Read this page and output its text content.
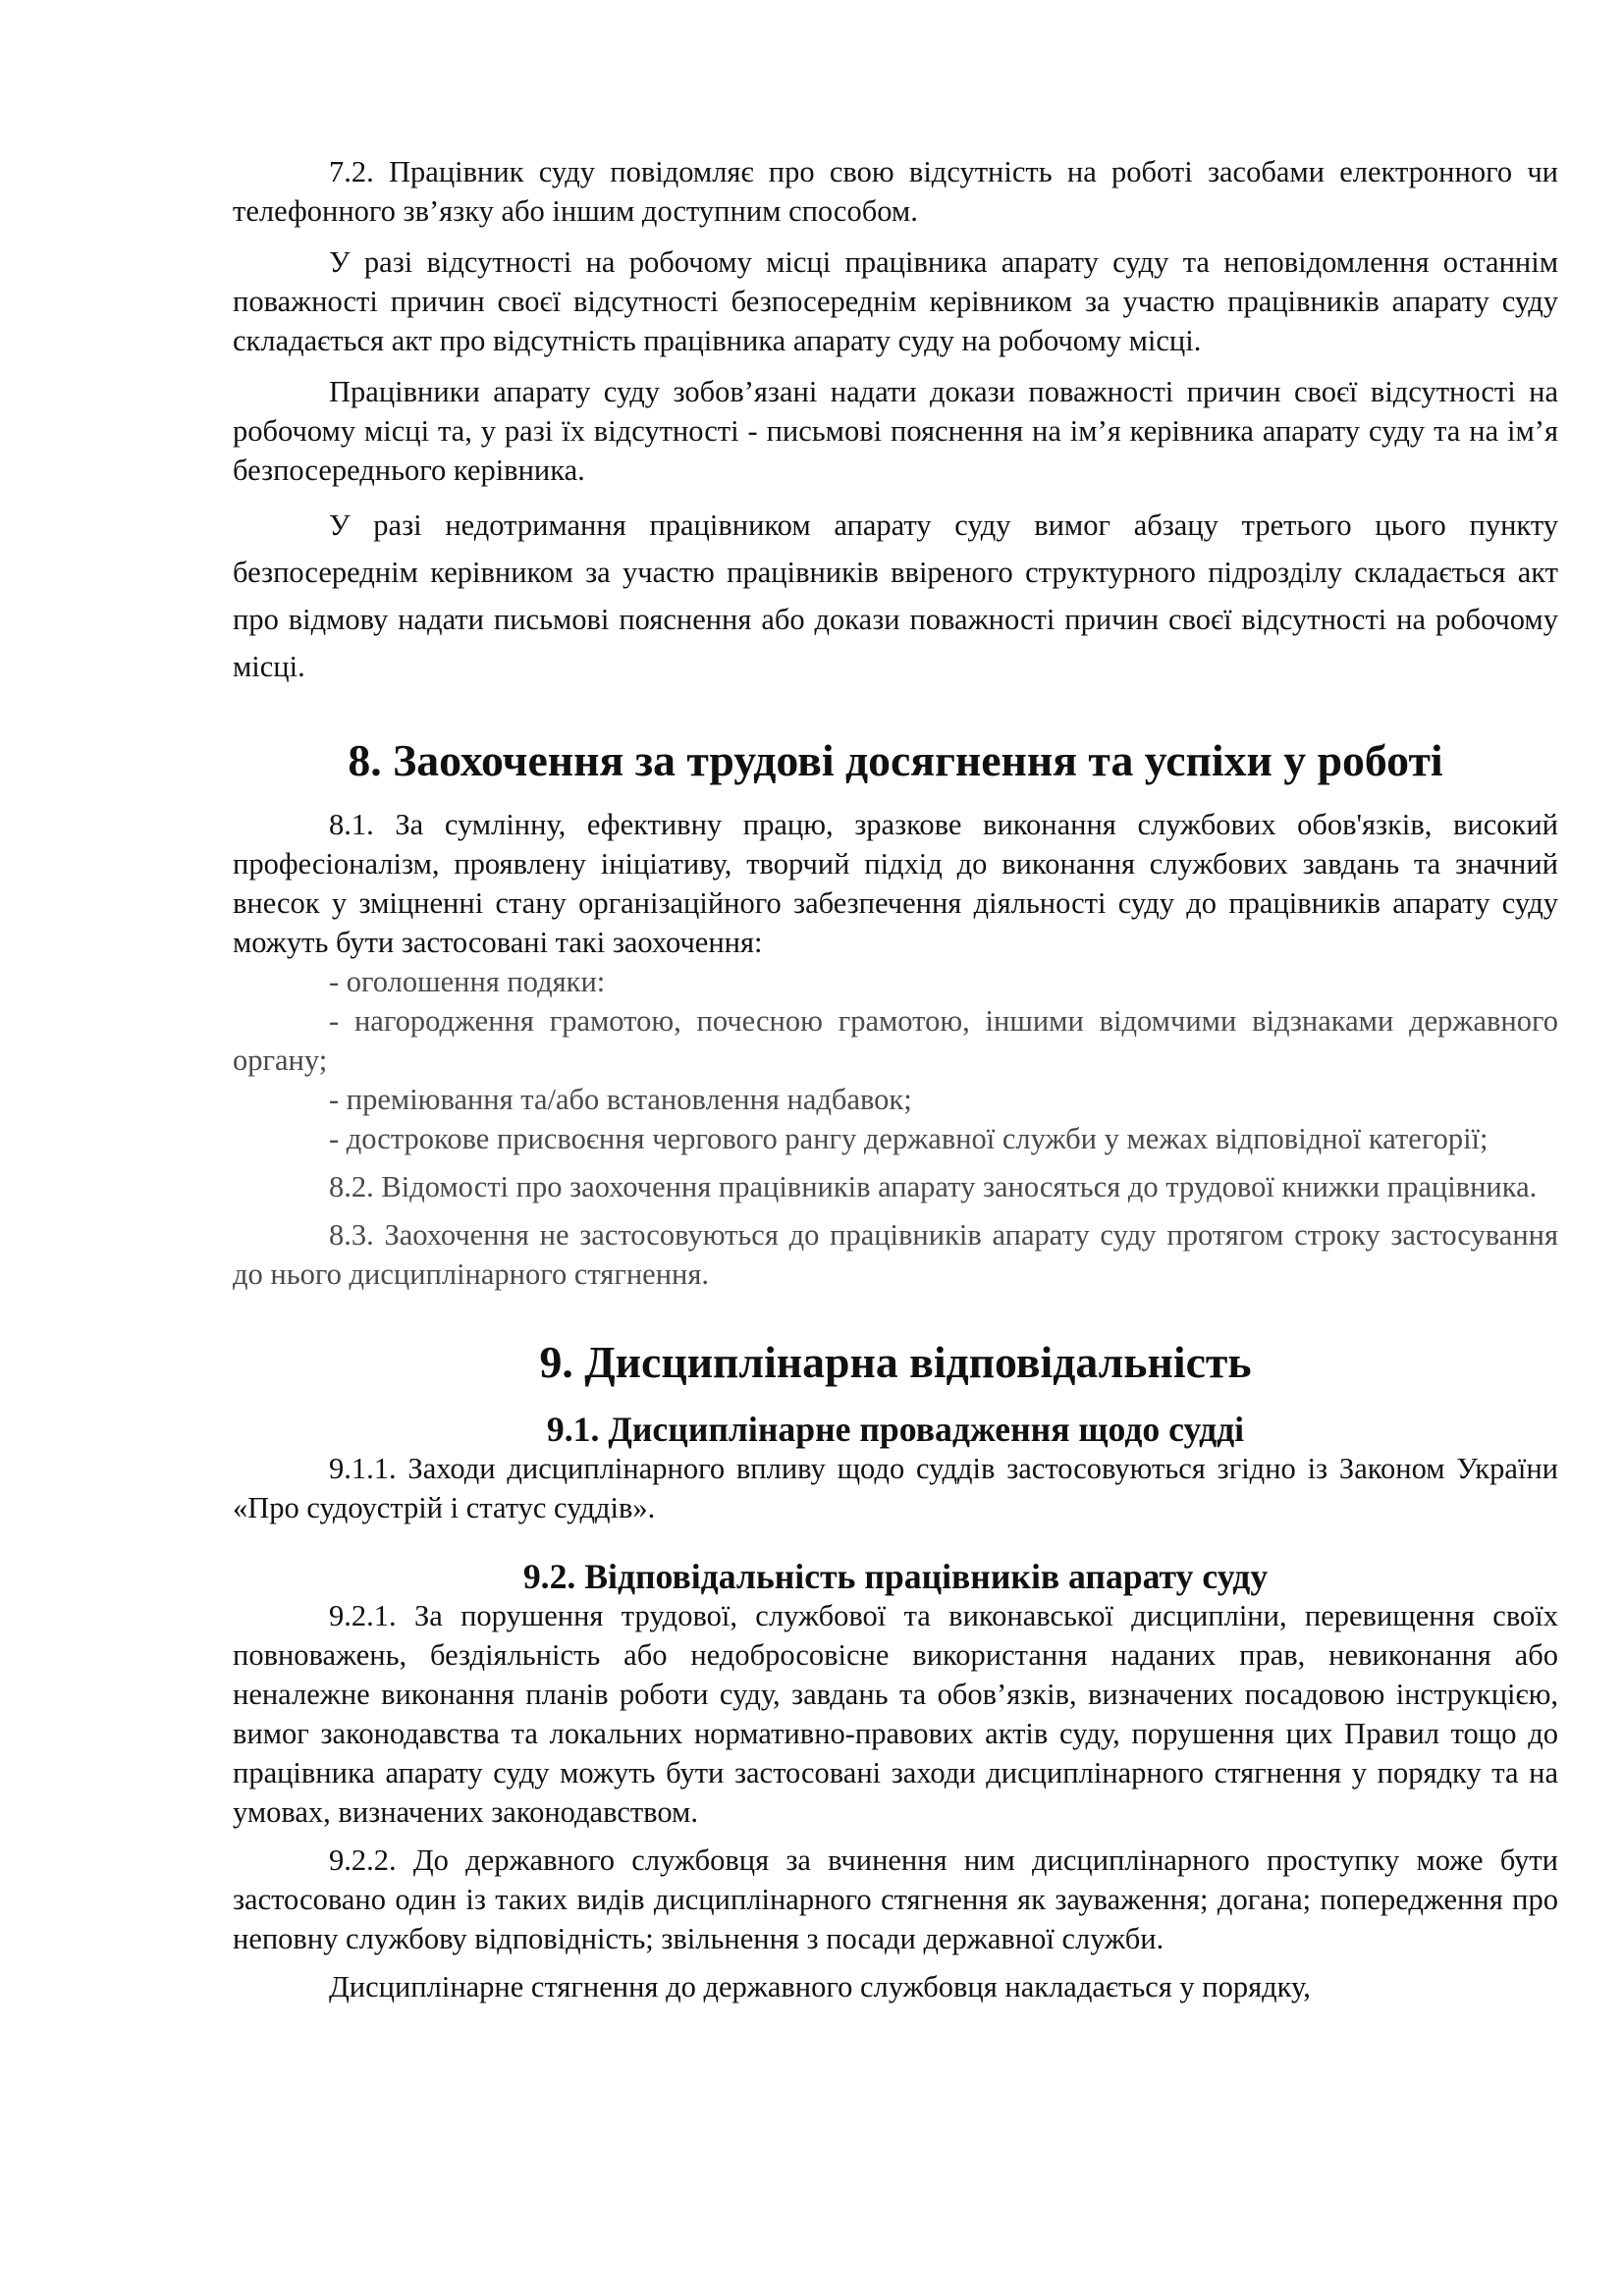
7.2. Працівник суду повідомляє про свою відсутність на роботі засобами електронного чи телефонного зв’язку або іншим доступним способом.

У разі відсутності на робочому місці працівника апарату суду та неповідомлення останнім поважності причин своєї відсутності безпосереднім керівником за участю працівників апарату суду складається акт про відсутність працівника апарату суду на робочому місці.

Працівники апарату суду зобов’язані надати докази поважності причин своєї відсутності на робочому місці та, у разі їх відсутності - письмові пояснення на ім’я керівника апарату суду та на ім’я безпосереднього керівника.

У разі недотримання працівником апарату суду вимог абзацу третього цього пункту безпосереднім керівником за участю працівників ввіреного структурного підрозділу складається акт про відмову надати письмові пояснення або докази поважності причин своєї відсутності на робочому місці.

8. Заохочення за трудові досягнення та успіхи у роботі

8.1. За сумлінну, ефективну працю, зразкове виконання службових обов'язків, високий професіоналізм, проявлену ініціативу, творчий підхід до виконання службових завдань та значний внесок у зміцненні стану організаційного забезпечення діяльності суду до працівників апарату суду можуть бути застосовані такі заохочення:

- оголошення подяки:

- нагородження грамотою, почесною грамотою, іншими відомчими відзнаками державного органу;

- преміювання та/або встановлення надбавок;

- дострокове присвоєння чергового рангу державної служби у межах відповідної категорії;

8.2. Відомості про заохочення працівників апарату заносяться до трудової книжки працівника.

8.3. Заохочення не застосовуються до працівників апарату суду протягом строку застосування до нього дисциплінарного стягнення.

9. Дисциплінарна відповідальність
9.1. Дисциплінарне провадження щодо судді

9.1.1. Заходи дисциплінарного впливу щодо суддів застосовуються згідно із Законом України «Про судоустрій і статус суддів».

9.2. Відповідальність працівників апарату суду

9.2.1. За порушення трудової, службової та виконавської дисципліни, перевищення своїх повноважень, бездіяльність або недобросовісне використання наданих прав, невиконання або неналежне виконання планів роботи суду, завдань та обов’язків, визначених посадовою інструкцією, вимог законодавства та локальних нормативно-правових актів суду, порушення цих Правил тощо до працівника апарату суду можуть бути застосовані заходи дисциплінарного стягнення у порядку та на умовах, визначених законодавством.

9.2.2. До державного службовця за вчинення ним дисциплінарного проступку може бути застосовано один із таких видів дисциплінарного стягнення як зауваження; догана; попередження про неповну службову відповідність; звільнення з посади державної служби.

Дисциплінарне стягнення до державного службовця накладається у порядку,
